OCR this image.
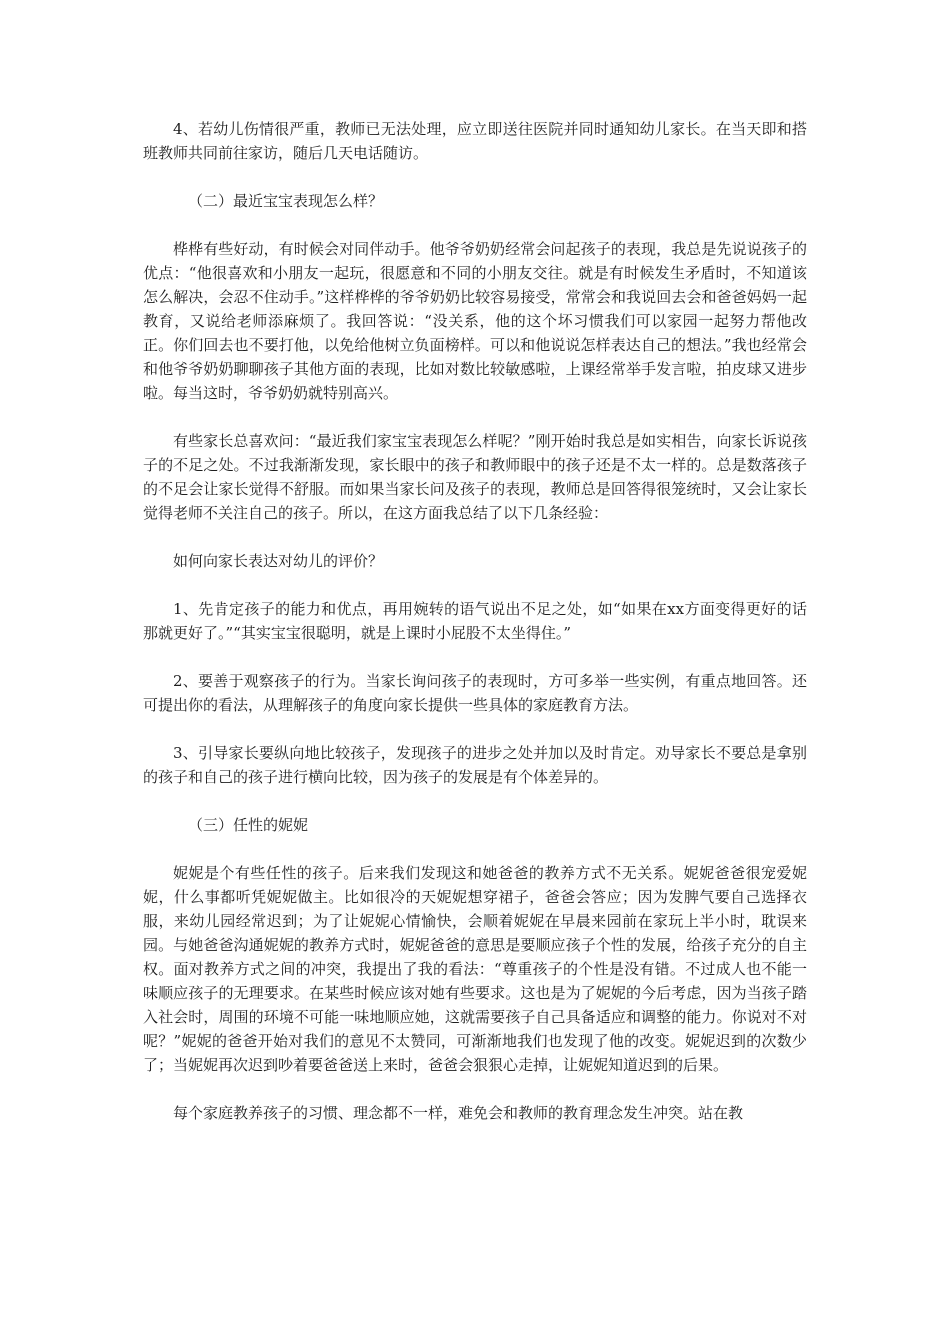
4、若幼儿伤情很严重，教师已无法处理，应立即送往医院并同时通知幼儿家长。在当天即和搭班教师共同前往家访，随后几天电话随访。

（二）最近宝宝表现怎么样？

桦桦有些好动，有时候会对同伴动手。他爷爷奶奶经常会问起孩子的表现，我总是先说说孩子的优点：“他很喜欢和小朋友一起玩，很愿意和不同的小朋友交往。就是有时候发生矛盾时，不知道该怎么解决，会忍不住动手。”这样桦桦的爷爷奶奶比较容易接受，常常会和我说回去会和爸爸妈妈一起教育，又说给老师添麻烦了。我回答说：“没关系，他的这个坏习惯我们可以家园一起努力帮他改正。你们回去也不要打他，以免给他树立负面榜样。可以和他说说怎样表达自己的想法。”我也经常会和他爷爷奶奶聊聊孩子其他方面的表现，比如对数比较敏感啦，上课经常举手发言啦，拍皮球又进步啦。每当这时，爷爷奶奶就特别高兴。

有些家长总喜欢问：“最近我们家宝宝表现怎么样呢？”刚开始时我总是如实相告，向家长诉说孩子的不足之处。不过我渐渐发现，家长眼中的孩子和教师眼中的孩子还是不太一样的。总是数落孩子的不足会让家长觉得不舒服。而如果当家长问及孩子的表现，教师总是回答得很笼统时，又会让家长觉得老师不关注自己的孩子。所以，在这方面我总结了以下几条经验：

如何向家长表达对幼儿的评价？

1、先肯定孩子的能力和优点，再用婉转的语气说出不足之处，如“如果在xx方面变得更好的话那就更好了。”“其实宝宝很聪明，就是上课时小屁股不太坐得住。”

2、要善于观察孩子的行为。当家长询问孩子的表现时，方可多举一些实例，有重点地回答。还可提出你的看法，从理解孩子的角度向家长提供一些具体的家庭教育方法。

3、引导家长要纵向地比较孩子，发现孩子的进步之处并加以及时肯定。劝导家长不要总是拿别的孩子和自己的孩子进行横向比较，因为孩子的发展是有个体差异的。

（三）任性的妮妮

妮妮是个有些任性的孩子。后来我们发现这和她爸爸的教养方式不无关系。妮妮爸爸很宠爱妮妮，什么事都听凭妮妮做主。比如很冷的天妮妮想穿裙子，爸爸会答应；因为发脾气要自己选择衣服，来幼儿园经常迟到；为了让妮妮心情愉快，会顺着妮妮在早晨来园前在家玩上半小时，耽误来园。与她爸爸沟通妮妮的教养方式时，妮妮爸爸的意思是要顺应孩子个性的发展，给孩子充分的自主权。面对教养方式之间的冲突，我提出了我的看法：“尊重孩子的个性是没有错。不过成人也不能一味顺应孩子的无理要求。在某些时候应该对她有些要求。这也是为了妮妮的今后考虑，因为当孩子踏入社会时，周围的环境不可能一味地顺应她，这就需要孩子自己具备适应和调整的能力。你说对不对呢？”妮妮的爸爸开始对我们的意见不太赞同，可渐渐地我们也发现了他的改变。妮妮迟到的次数少了；当妮妮再次迟到吵着要爸爸送上来时，爸爸会狠狠心走掉，让妮妮知道迟到的后果。

每个家庭教养孩子的习惯、理念都不一样，难免会和教师的教育理念发生冲突。站在教
